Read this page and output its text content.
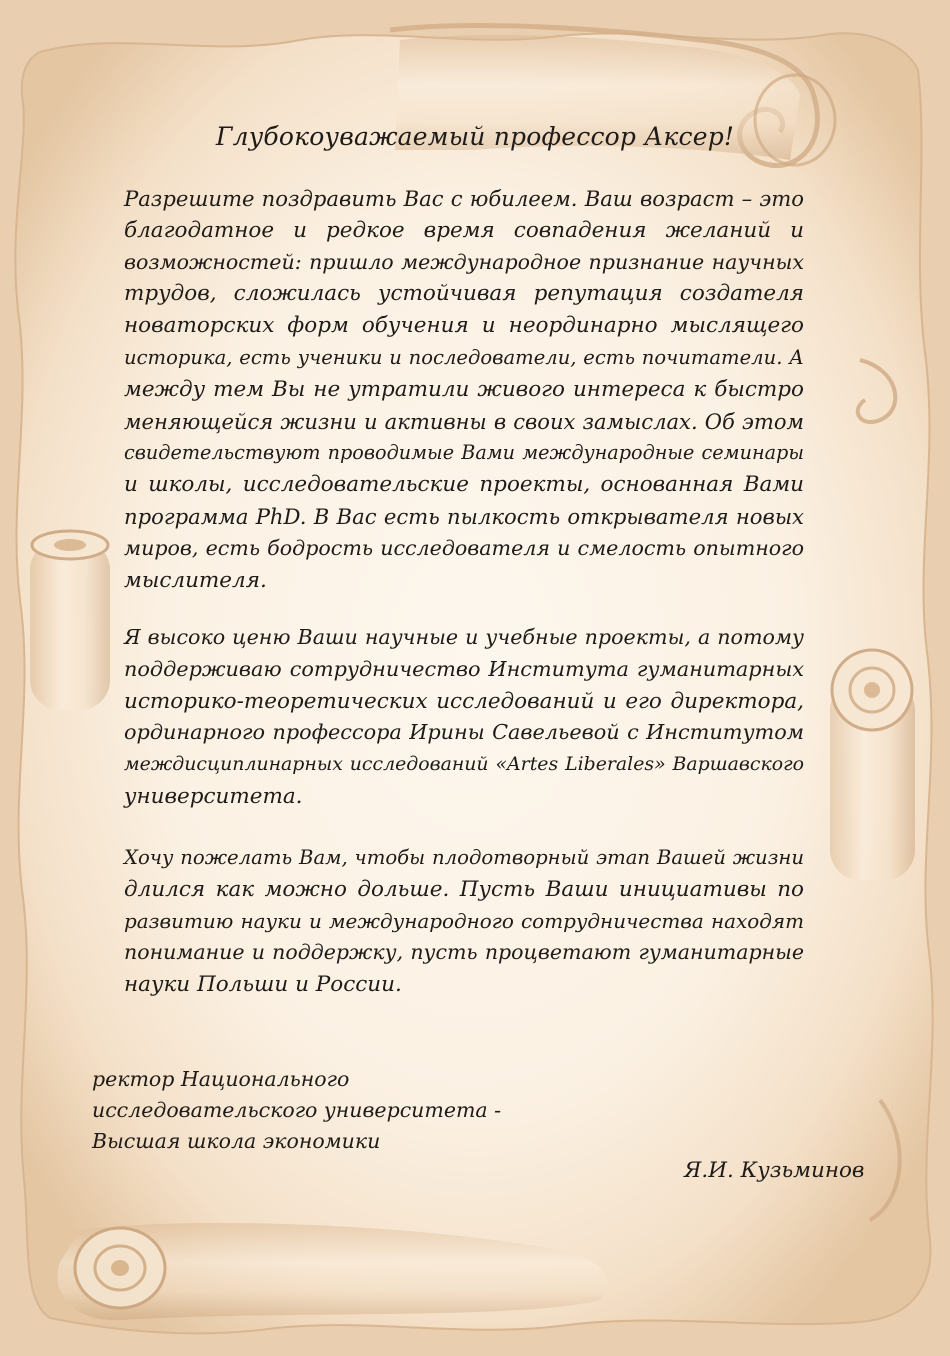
Глубокоуважаемый профессор Аксер!
Разрешите поздравить Вас с юбилеем. Ваш возраст – это
благодатное и редкое время совпадения желаний и
возможностей: пришло международное признание научных
трудов, сложилась устойчивая репутация создателя
новаторских форм обучения и неординарно мыслящего
историка, есть ученики и последователи, есть почитатели. А
между тем Вы не утратили живого интереса к быстро
меняющейся жизни и активны в своих замыслах. Об этом
свидетельствуют проводимые Вами международные семинары
и школы, исследовательские проекты, основанная Вами
программа PhD. В Вас есть пылкость открывателя новых
миров, есть бодрость исследователя и смелость опытного
мыслителя.
Я высоко ценю Ваши научные и учебные проекты, а потому
поддерживаю сотрудничество Института гуманитарных
историко-теоретических исследований и его директора,
ординарного профессора Ирины Савельевой с Институтом
междисциплинарных исследований «Artes Liberales» Варшавского
университета.
Хочу пожелать Вам, чтобы плодотворный этап Вашей жизни
длился как можно дольше. Пусть Ваши инициативы по
развитию науки и международного сотрудничества находят
понимание и поддержку, пусть процветают гуманитарные
науки Польши и России.
ректор Национального
исследовательского университета -
Высшая школа экономики
Я.И. Кузьминов
